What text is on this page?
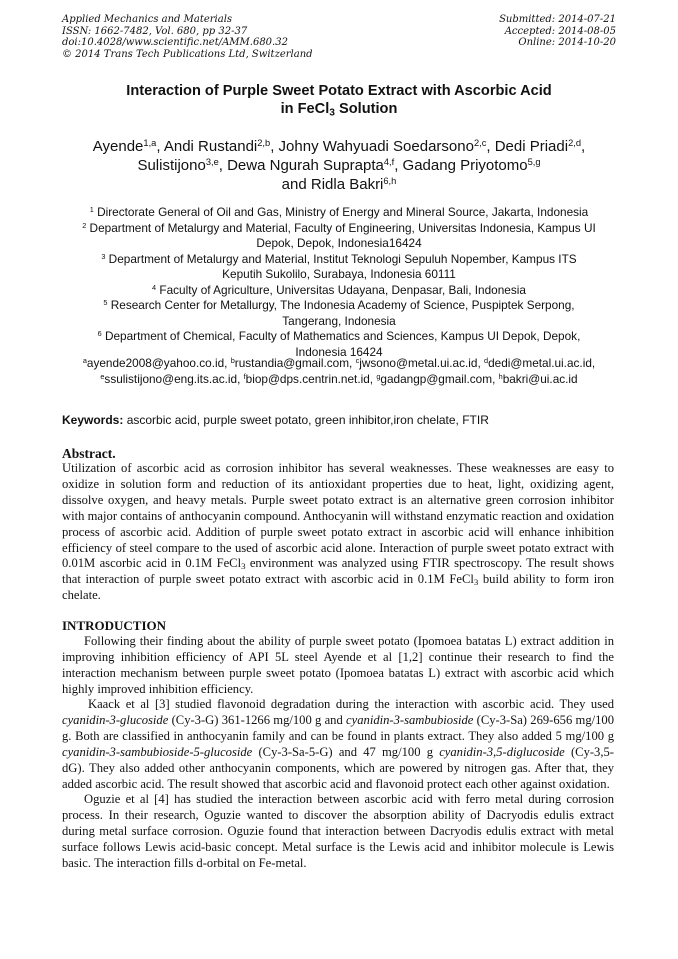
Applied Mechanics and Materials
ISSN: 1662-7482, Vol. 680, pp 32-37
doi:10.4028/www.scientific.net/AMM.680.32
© 2014 Trans Tech Publications Ltd, Switzerland
Submitted: 2014-07-21
Accepted: 2014-08-05
Online: 2014-10-20
Interaction of Purple Sweet Potato Extract with Ascorbic Acid
in FeCl$_3$ Solution
Ayende$^{1,a}$, Andi Rustandi$^{2,b}$, Johny Wahyuadi Soedarsono$^{2,c}$, Dedi Priadi$^{2,d}$,
Sulistijono$^{3,e}$, Dewa Ngurah Suprapta$^{4,f}$, Gadang Priyotomo$^{5,g}$
and Ridla Bakri$^{6,h}$
$^1$ Directorate General of Oil and Gas, Ministry of Energy and Mineral Source, Jakarta, Indonesia
$^2$ Department of Metalurgy and Material, Faculty of Engineering, Universitas Indonesia, Kampus UI
Depok, Depok, Indonesia16424
$^3$ Department of Metalurgy and Material, Institut Teknologi Sepuluh Nopember, Kampus ITS
Keputih Sukolilo, Surabaya, Indonesia 60111
$^4$ Faculty of Agriculture, Universitas Udayana, Denpasar, Bali, Indonesia
$^5$ Research Center for Metallurgy, The Indonesia Academy of Science, Puspiptek Serpong,
Tangerang, Indonesia
$^6$ Department of Chemical, Faculty of Mathematics and Sciences, Kampus UI Depok, Depok,
Indonesia 16424
$^a$ayende2008@yahoo.co.id, $^b$rustandia@gmail.com, $^c$jwsono@metal.ui.ac.id, $^d$dedi@metal.ui.ac.id,
$^e$ssulistijono@eng.its.ac.id, $^f$biop@dps.centrin.net.id, $^g$gadangp@gmail.com, $^h$bakri@ui.ac.id
Keywords: ascorbic acid, purple sweet potato, green inhibitor,iron chelate, FTIR
Abstract.
Utilization of ascorbic acid as corrosion inhibitor has several weaknesses. These weaknesses are easy to oxidize in solution form and reduction of its antioxidant properties due to heat, light, oxidizing agent, dissolve oxygen, and heavy metals. Purple sweet potato extract is an alternative green corrosion inhibitor with major contains of anthocyanin compound. Anthocyanin will withstand enzymatic reaction and oxidation process of ascorbic acid. Addition of purple sweet potato extract in ascorbic acid will enhance inhibition efficiency of steel compare to the used of ascorbic acid alone. Interaction of purple sweet potato extract with 0.01M ascorbic acid in 0.1M FeCl$_3$ environment was analyzed using FTIR spectroscopy. The result shows that interaction of purple sweet potato extract with ascorbic acid in 0.1M FeCl$_3$ build ability to form iron chelate.
INTRODUCTION

Following their finding about the ability of purple sweet potato (Ipomoea batatas L) extract addition in improving inhibition efficiency of API 5L steel Ayende et al [1,2] continue their research to find the interaction mechanism between purple sweet potato (Ipomoea batatas L) extract with ascorbic acid which highly improved inhibition efficiency.

Kaack et al [3] studied flavonoid degradation during the interaction with ascorbic acid. They used cyanidin-3-glucoside (Cy-3-G) 361-1266 mg/100 g and cyanidin-3-sambubioside (Cy-3-Sa) 269-656 mg/100 g. Both are classified in anthocyanin family and can be found in plants extract. They also added 5 mg/100 g cyanidin-3-sambubioside-5-glucoside (Cy-3-Sa-5-G) and 47 mg/100 g cyanidin-3,5-diglucoside (Cy-3,5-dG). They also added other anthocyanin components, which are powered by nitrogen gas. After that, they added ascorbic acid. The result showed that ascorbic acid and flavonoid protect each other against oxidation.

Oguzie et al [4] has studied the interaction between ascorbic acid with ferro metal during corrosion process. In their research, Oguzie wanted to discover the absorption ability of Dacryodis edulis extract during metal surface corrosion. Oguzie found that interaction between Dacryodis edulis extract with metal surface follows Lewis acid-basic concept. Metal surface is the Lewis acid and inhibitor molecule is Lewis basic. The interaction fills d-orbital on Fe-metal.
